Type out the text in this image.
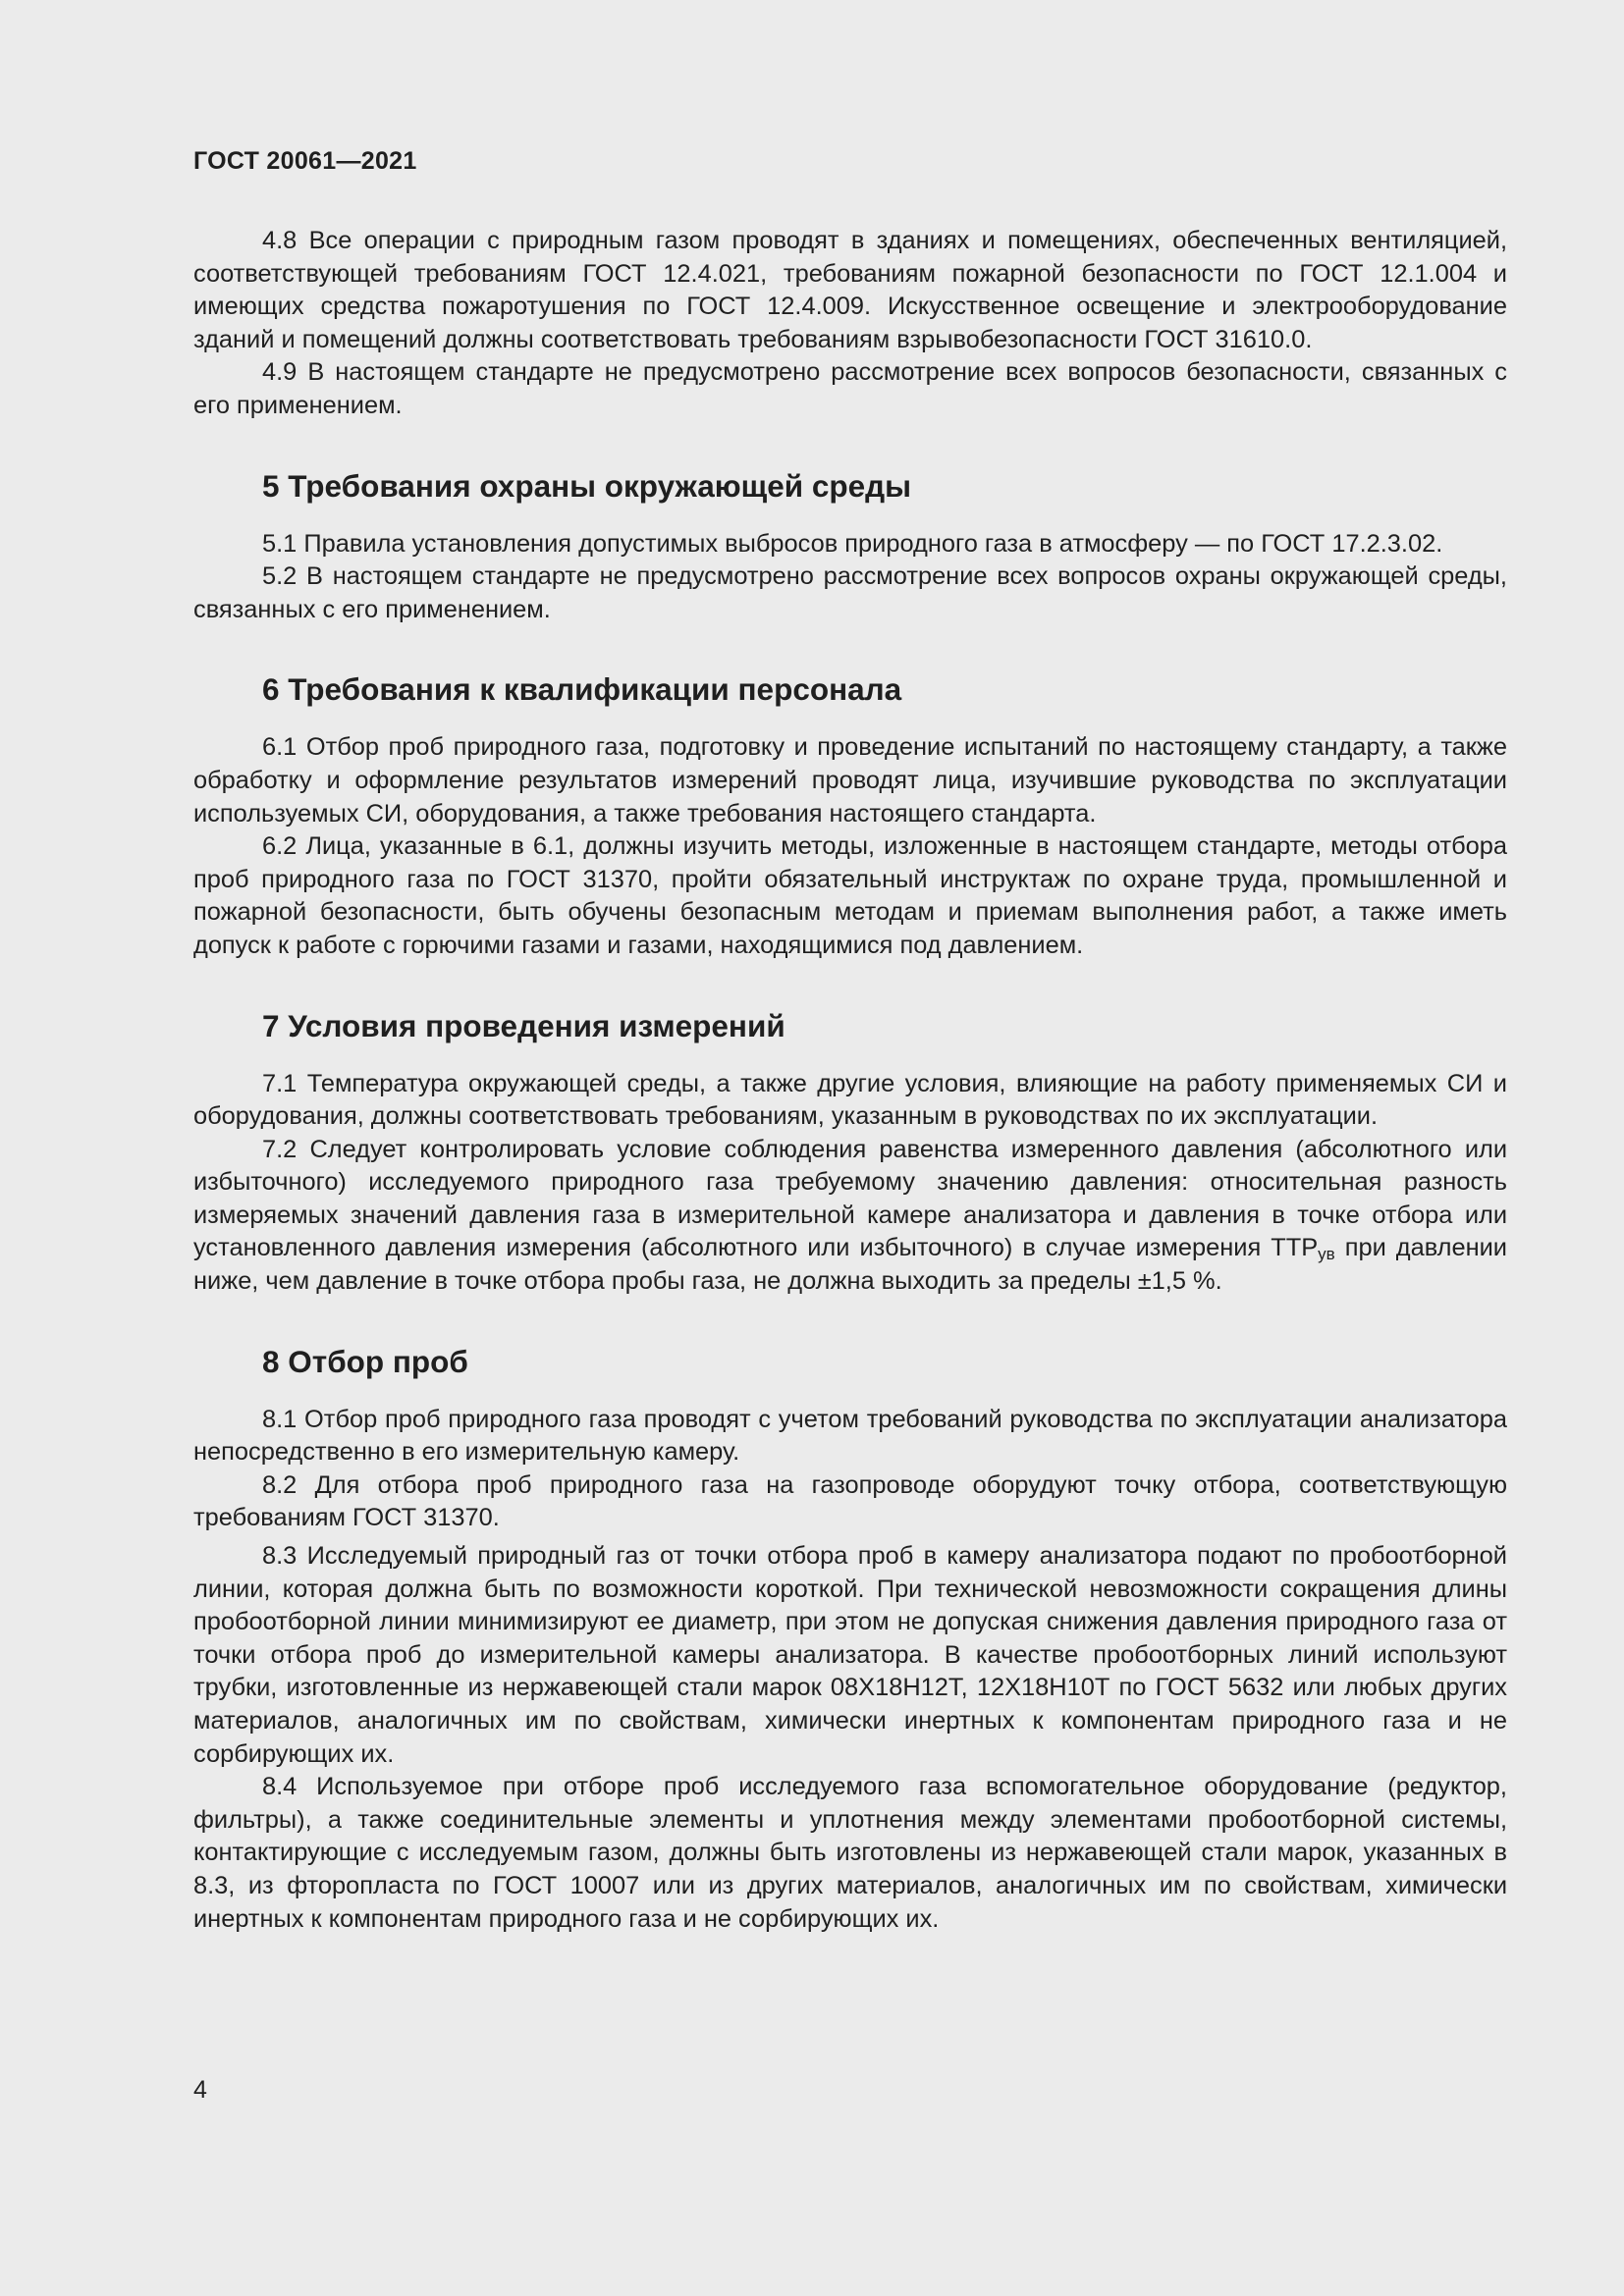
ГОСТ 20061—2021

4.8 Все операции с природным газом проводят в зданиях и помещениях, обеспеченных вентиляцией, соответствующей требованиям ГОСТ 12.4.021, требованиям пожарной безопасности по ГОСТ 12.1.004 и имеющих средства пожаротушения по ГОСТ 12.4.009. Искусственное освещение и электрооборудование зданий и помещений должны соответствовать требованиям взрывобезопасности ГОСТ 31610.0.

4.9 В настоящем стандарте не предусмотрено рассмотрение всех вопросов безопасности, связанных с его применением.

5 Требования охраны окружающей среды

5.1 Правила установления допустимых выбросов природного газа в атмосферу — по ГОСТ 17.2.3.02.

5.2 В настоящем стандарте не предусмотрено рассмотрение всех вопросов охраны окружающей среды, связанных с его применением.

6 Требования к квалификации персонала

6.1 Отбор проб природного газа, подготовку и проведение испытаний по настоящему стандарту, а также обработку и оформление результатов измерений проводят лица, изучившие руководства по эксплуатации используемых СИ, оборудования, а также требования настоящего стандарта.

6.2 Лица, указанные в 6.1, должны изучить методы, изложенные в настоящем стандарте, методы отбора проб природного газа по ГОСТ 31370, пройти обязательный инструктаж по охране труда, промышленной и пожарной безопасности, быть обучены безопасным методам и приемам выполнения работ, а также иметь допуск к работе с горючими газами и газами, находящимися под давлением.

7 Условия проведения измерений

7.1 Температура окружающей среды, а также другие условия, влияющие на работу применяемых СИ и оборудования, должны соответствовать требованиям, указанным в руководствах по их эксплуатации.

7.2 Следует контролировать условие соблюдения равенства измеренного давления (абсолютного или избыточного) исследуемого природного газа требуемому значению давления: относительная разность измеряемых значений давления газа в измерительной камере анализатора и давления в точке отбора или установленного давления измерения (абсолютного или избыточного) в случае измерения $ТТР_{ув}$ при давлении ниже, чем давление в точке отбора пробы газа, не должна выходить за пределы ±1,5 %.

8 Отбор проб

8.1 Отбор проб природного газа проводят с учетом требований руководства по эксплуатации анализатора непосредственно в его измерительную камеру.

8.2 Для отбора проб природного газа на газопроводе оборудуют точку отбора, соответствующую требованиям ГОСТ 31370.

8.3 Исследуемый природный газ от точки отбора проб в камеру анализатора подают по пробоотборной линии, которая должна быть по возможности короткой. При технической невозможности сокращения длины пробоотборной линии минимизируют ее диаметр, при этом не допуская снижения давления природного газа от точки отбора проб до измерительной камеры анализатора. В качестве пробоотборных линий используют трубки, изготовленные из нержавеющей стали марок 08Х18Н12Т, 12Х18Н10Т по ГОСТ 5632 или любых других материалов, аналогичных им по свойствам, химически инертных к компонентам природного газа и не сорбирующих их.

8.4 Используемое при отборе проб исследуемого газа вспомогательное оборудование (редуктор, фильтры), а также соединительные элементы и уплотнения между элементами пробоотборной системы, контактирующие с исследуемым газом, должны быть изготовлены из нержавеющей стали марок, указанных в 8.3, из фторопласта по ГОСТ 10007 или из других материалов, аналогичных им по свойствам, химически инертных к компонентам природного газа и не сорбирующих их.

4
